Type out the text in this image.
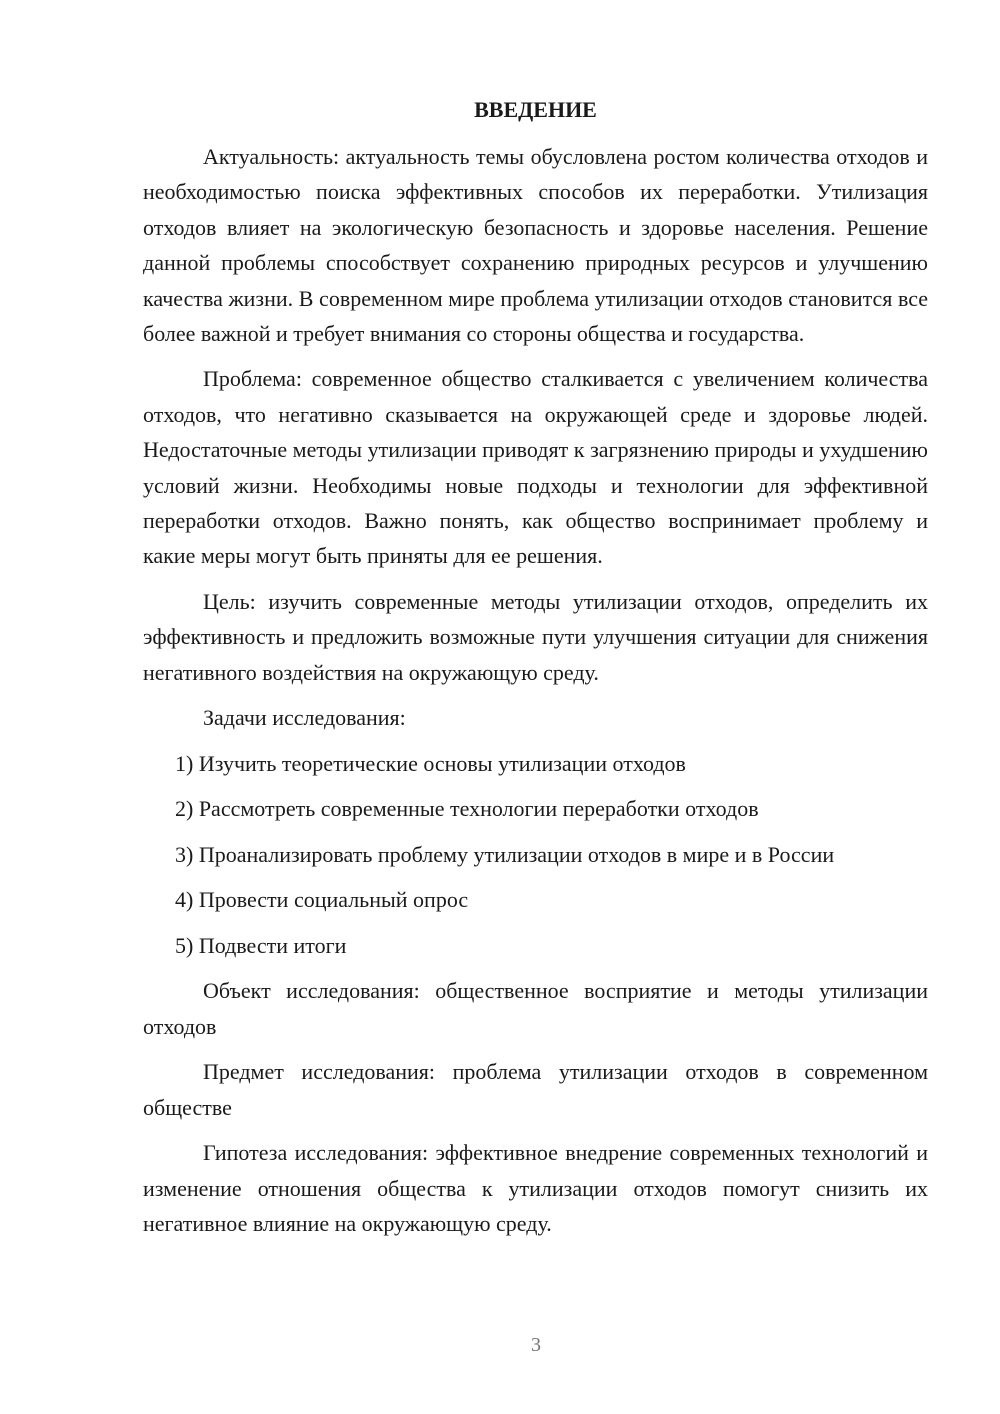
ВВЕДЕНИЕ

Актуальность: актуальность темы обусловлена ростом количества отходов и необходимостью поиска эффективных способов их переработки. Утилизация отходов влияет на экологическую безопасность и здоровье населения. Решение данной проблемы способствует сохранению природных ресурсов и улучшению качества жизни. В современном мире проблема утилизации отходов становится все более важной и требует внимания со стороны общества и государства.

Проблема: современное общество сталкивается с увеличением количества отходов, что негативно сказывается на окружающей среде и здоровье людей. Недостаточные методы утилизации приводят к загрязнению природы и ухудшению условий жизни. Необходимы новые подходы и технологии для эффективной переработки отходов. Важно понять, как общество воспринимает проблему и какие меры могут быть приняты для ее решения.

Цель: изучить современные методы утилизации отходов, определить их эффективность и предложить возможные пути улучшения ситуации для снижения негативного воздействия на окружающую среду.

Задачи исследования:

1) Изучить теоретические основы утилизации отходов
2) Рассмотреть современные технологии переработки отходов
3) Проанализировать проблему утилизации отходов в мире и в России
4) Провести социальный опрос
5) Подвести итоги

Объект исследования: общественное восприятие и методы утилизации отходов

Предмет исследования: проблема утилизации отходов в современном обществе

Гипотеза исследования: эффективное внедрение современных технологий и изменение отношения общества к утилизации отходов помогут снизить их негативное влияние на окружающую среду.

3
